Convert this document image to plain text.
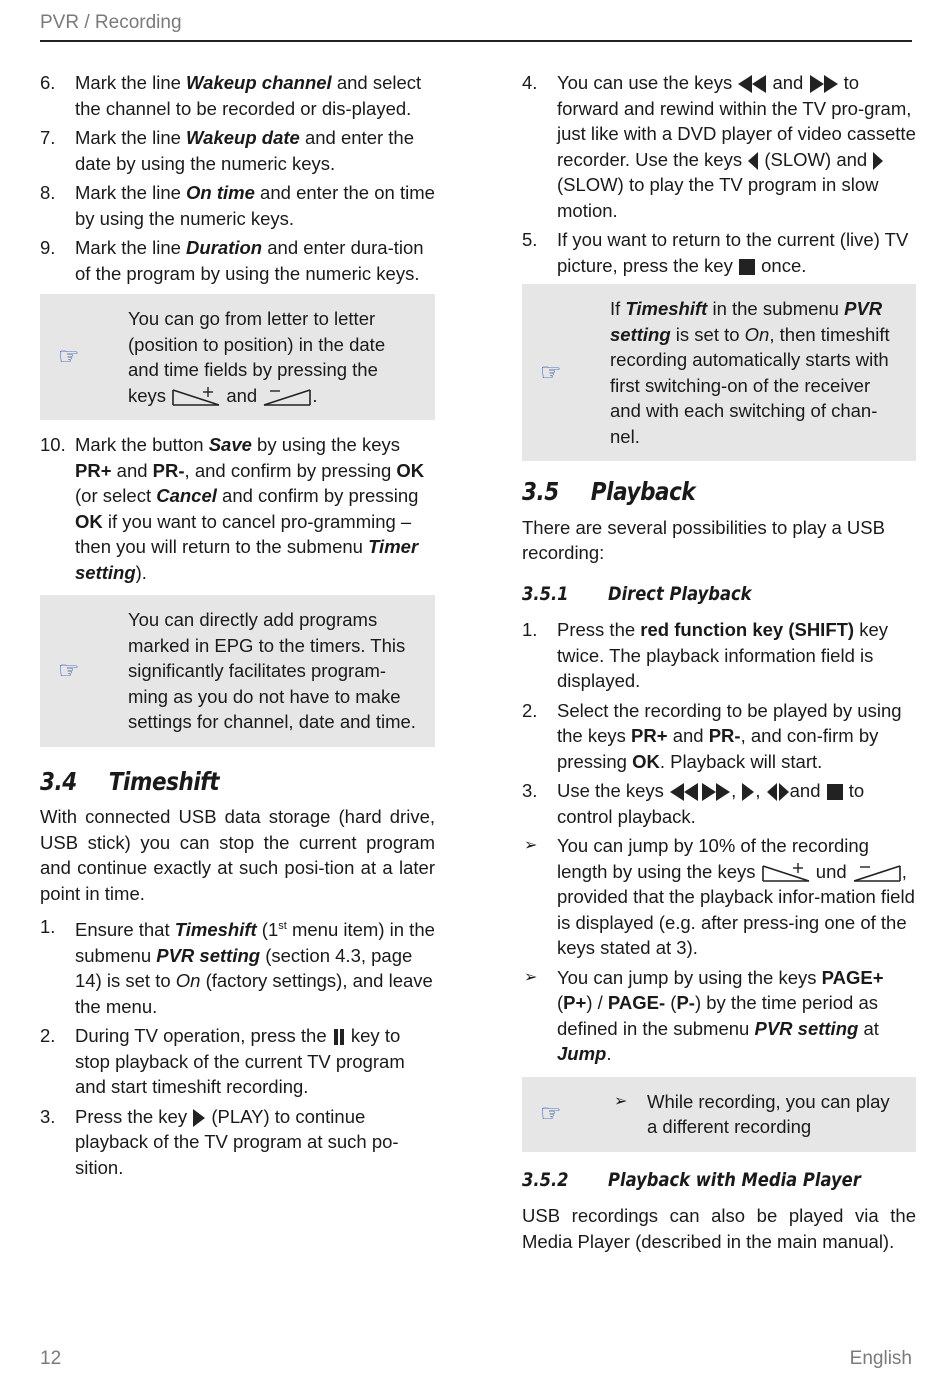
PVR / Recording
6. Mark the line Wakeup channel and select the channel to be recorded or dis-played.
7. Mark the line Wakeup date and enter the date by using the numeric keys.
8. Mark the line On time and enter the on time by using the numeric keys.
9. Mark the line Duration and enter dura-tion of the program by using the numeric keys.
☞
You can go from letter to letter (position to position) in the date and time fields by pressing the keys	and	.
10. Mark the button Save by using the keys PR+ and PR-, and confirm by pressing OK (or select Cancel and confirm by pressing OK if you want to cancel pro-gramming – then you will return to the submenu Timer setting).
☞
You can directly add programs marked in EPG to the timers. This significantly facilitates program-ming as you do not have to make settings for channel, date and time.
3.4 Timeshift
With connected USB data storage (hard drive, USB stick) you can stop the current program and continue exactly at such posi-tion at a later point in time.
1. Ensure that Timeshift (1st menu item) in the submenu PVR setting (section 4.3, page 14) is set to On (factory settings), and leave the menu.
2. During TV operation, press the
key to stop playback of the current TV program and start timeshift recording.
3. Press the key
(PLAY) to continue playback of the TV program at such po-sition.
4. You can use the keys
and
to forward and rewind within the TV pro-gram, just like with a DVD player of video cassette recorder. Use the keys
(SLOW) and
(SLOW) to play the TV program in slow motion.
5. If you want to return to the current (live) TV picture, press the key
once.
☞
If Timeshift in the submenu PVR setting is set to On, then timeshift recording automatically starts with first switching-on of the receiver and with each switching of chan-nel.
3.5 Playback
There are several possibilities to play a USB recording:
3.5.1 Direct Playback
1. Press the red function key (SHIFT) key twice. The playback information field is displayed.
2. Select the recording to be played by using the keys PR+ and PR-, and con-firm by pressing OK. Playback will start.
3. Use the keys	,
,
and
to control playback.
➢ You can jump by 10% of the recording length by using the keys	und	, provided that the playback infor-mation field is displayed (e.g. after press-ing one of the keys stated at 3).
➢ You can jump by using the keys PAGE+ (P+) / PAGE- (P-) by the time period as defined in the submenu PVR setting at Jump.
☞	➢ While recording, you can play a different recording
3.5.2 Playback with Media Player
USB recordings can also be played via the Media Player (described in the main manual).
12	English
